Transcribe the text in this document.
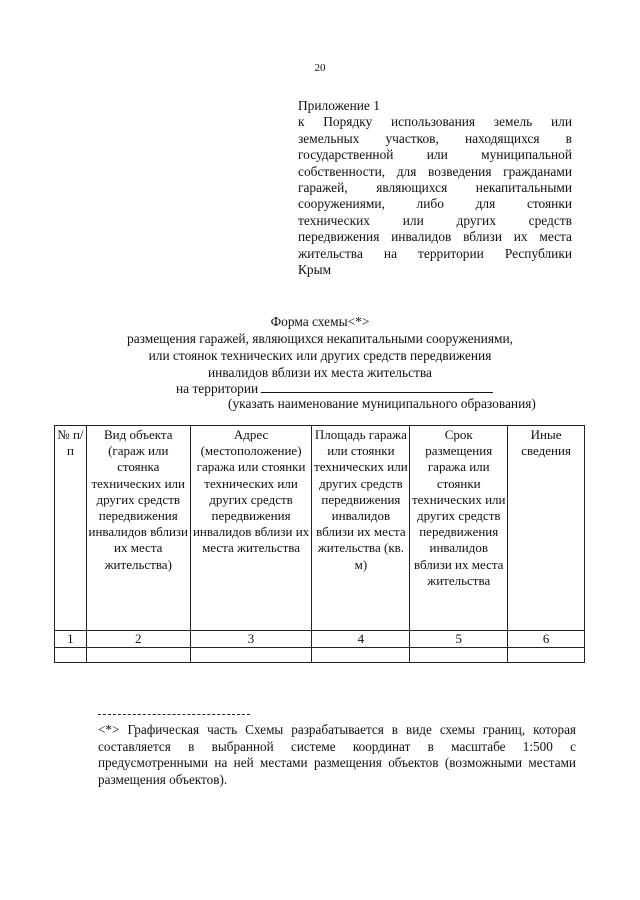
20
Приложение 1
к Порядку использования земель или
земельных участков, находящихся в
государственной или муниципальной
собственности, для возведения гражданами
гаражей, являющихся некапитальными
сооружениями, либо для стоянки
технических или других средств
передвижения инвалидов вблизи их места
жительства на территории Республики
Крым
Форма схемы<*>
размещения гаражей, являющихся некапитальными сооружениями,
или стоянок технических или других средств передвижения
инвалидов вблизи их места жительства
на территории
(указать наименование муниципального образования)
№ п/п	Вид объекта (гараж или стоянка технических или других средств передвижения инвалидов вблизи их места жительства)	Адрес (местоположение) гаража или стоянки технических или других средств передвижения инвалидов вблизи их места жительства	Площадь гаража или стоянки технических или других средств передвижения инвалидов вблизи их места жительства (кв. м)	Срок размещения гаража или стоянки технических или других средств передвижения инвалидов вблизи их места жительства	Иные сведения
1	2	3	4	5	6

<*> Графическая часть Схемы разрабатывается в виде схемы границ, которая составляется в выбранной системе координат в масштабе 1:500 с предусмотренными на ней местами размещения объектов (возможными местами размещения объектов).
